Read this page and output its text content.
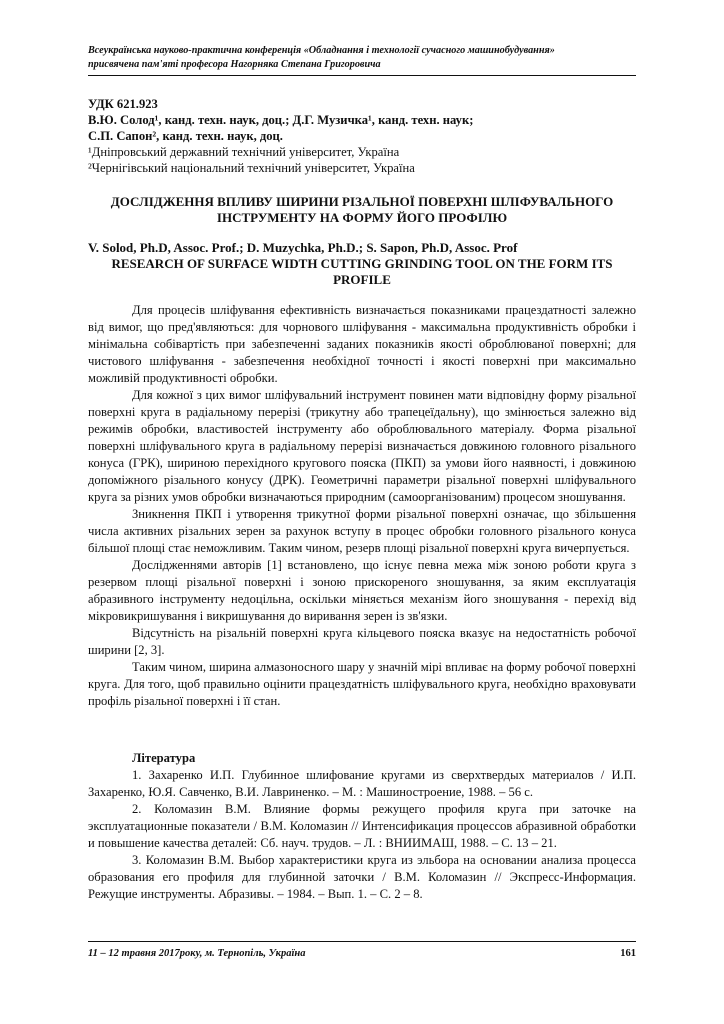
Всеукраїнська науково-практична конференція «Обладнання і технології сучасного машинобудування»
присвячена пам'яті професора Нагорняка Степана Григоровича
УДК 621.923
В.Ю. Солод¹, канд. техн. наук, доц.; Д.Г. Музичка¹, канд. техн. наук;
С.П. Сапон², канд. техн. наук, доц.
¹Дніпровський державний технічний університет, Україна
²Чернігівський національний технічний університет, Україна
ДОСЛІДЖЕННЯ ВПЛИВУ ШИРИНИ РІЗАЛЬНОЇ ПОВЕРХНІ ШЛІФУВАЛЬНОГО ІНСТРУМЕНТУ НА ФОРМУ ЙОГО ПРОФІЛЮ
V. Solod, Ph.D, Assoc. Prof.; D. Muzychka, Ph.D.; S. Sapon, Ph.D, Assoc. Prof
RESEARCH OF SURFACE WIDTH CUTTING GRINDING TOOL ON THE FORM ITS PROFILE

Для процесів шліфування ефективність визначається показниками працездатності залежно від вимог, що пред'являються: для чорнового шліфування - максимальна продуктивність обробки і мінімальна собівартість при забезпеченні заданих показників якості оброблюваної поверхні; для чистового шліфування - забезпечення необхідної точності і якості поверхні при максимально можливій продуктивності обробки.

Для кожної з цих вимог шліфувальний інструмент повинен мати відповідну форму різальної поверхні круга в радіальному перерізі (трикутну або трапецеїдальну), що змінюється залежно від режимів обробки, властивостей інструменту або оброблювального матеріалу. Форма різальної поверхні шліфувального круга в радіальному перерізі визначається довжиною головного різального конуса (ГРК), шириною перехідного кругового пояска (ПКП) за умови його наявності, і довжиною допоміжного різального конусу (ДРК). Геометричні параметри різальної поверхні шліфувального круга за різних умов обробки визначаються природним (самоорганізованим) процесом зношування.

Зникнення ПКП і утворення трикутної форми різальної поверхні означає, що збільшення числа активних різальних зерен за рахунок вступу в процес обробки головного різального конуса більшої площі стає неможливим. Таким чином, резерв площі різальної поверхні круга вичерпується.

Дослідженнями авторів [1] встановлено, що існує певна межа між зоною роботи круга з резервом площі різальної поверхні і зоною прискореного зношування, за яким експлуатація абразивного інструменту недоцільна, оскільки міняється механізм його зношування - перехід від мікровикришування і викришування до виривання зерен із зв'язки.

Відсутність на різальній поверхні круга кільцевого пояска вказує на недостатність робочої ширини [2, 3].

Таким чином, ширина алмазоносного шару у значній мірі впливає на форму робочої поверхні круга. Для того, щоб правильно оцінити працездатність шліфувального круга, необхідно враховувати профіль різальної поверхні і її стан.

Література

1. Захаренко И.П. Глубинное шлифование кругами из сверхтвердых материалов / И.П. Захаренко, Ю.Я. Савченко, В.И. Лавриненко. – М. : Машиностроение, 1988. – 56 с.

2. Коломазин В.М. Влияние формы режущего профиля круга при заточке на эксплуатационные показатели / В.М. Коломазин // Интенсификация процессов абразивной обработки и повышение качества деталей: Сб. науч. трудов. – Л. : ВНИИМАШ, 1988. – С. 13 – 21.

3. Коломазин В.М. Выбор характеристики круга из эльбора на основании анализа процесса образования его профиля для глубинной заточки / В.М. Коломазин // Экспресс-Информация. Режущие инструменты. Абразивы. – 1984. – Вып. 1. – С. 2 – 8.

11 – 12 травня 2017року, м. Тернопіль, Україна	161
